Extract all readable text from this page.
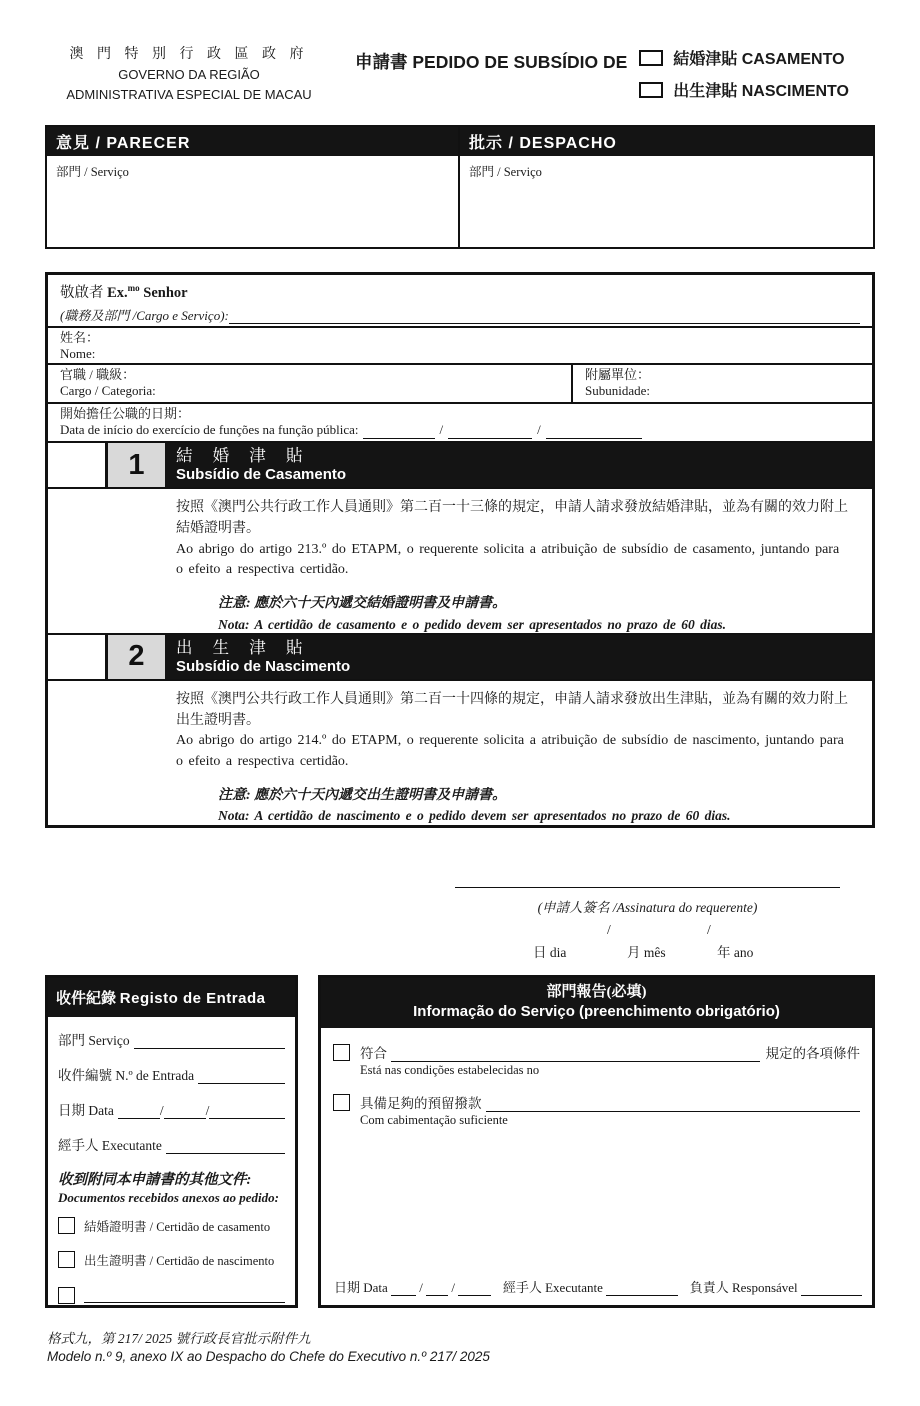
澳 門 特 別 行 政 區 政 府
GOVERNO DA REGIÃO
ADMINISTRATIVA ESPECIAL DE MACAU
申請書 PEDIDO DE SUBSÍDIO DE	結婚津貼 CASAMENTO
出生津貼 NASCIMENTO
意見 / PARECER
部門 / Serviço
批示 / DESPACHO
部門 / Serviço
敬啟者 Ex.$^{mo}$ Senhor
(職務及部門 /Cargo e Serviço):
姓名：
Nome:
官職 / 職級：
Cargo / Categoria:
附屬單位：
Subunidade:
開始擔任公職的日期：
Data de início do exercício de funções na função pública:	/	/
1	結 婚 津 貼
Subsídio de Casamento
按照《澳門公共行政工作人員通則》第二百一十三條的規定，申請人請求發放結婚津貼，並為有關的效力附上結婚證明書。
Ao abrigo do artigo 213.º do ETAPM, o requerente solicita a atribuição de subsídio de casamento, juntando para o efeito a respectiva certidão.
注意: 應於六十天內遞交結婚證明書及申請書。
Nota: A certidão de casamento e o pedido devem ser apresentados no prazo de 60 dias.
2	出 生 津 貼
Subsídio de Nascimento
按照《澳門公共行政工作人員通則》第二百一十四條的規定，申請人請求發放出生津貼，並為有關的效力附上出生證明書。
Ao abrigo do artigo 214.º do ETAPM, o requerente solicita a atribuição de subsídio de nascimento, juntando para o efeito a respectiva certidão.
注意: 應於六十天內遞交出生證明書及申請書。
Nota: A certidão de nascimento e o pedido devem ser apresentados no prazo de 60 dias.
(申請人簽名 /Assinatura do requerente)
/	/
日 dia	月 mês	年 ano
收件紀錄 Registo de Entrada
部門 Serviço
收件編號 N.º de Entrada
日期 Data	/	/
經手人 Executante
收到附同本申請書的其他文件:
Documentos recebidos anexos ao pedido:
結婚證明書 / Certidão de casamento
出生證明書 / Certidão de nascimento
部門報告(必填)
Informação do Serviço (preenchimento obrigatório)
符合	規定的各項條件
Está nas condições estabelecidas no
具備足夠的預留撥款
Com cabimentação suficiente
日期 Data / /	經手人 Executante	負責人 Responsável
格式九，第 217/ 2025 號行政長官批示附件九
Modelo n.º 9, anexo IX ao Despacho do Chefe do Executivo n.º 217/ 2025
